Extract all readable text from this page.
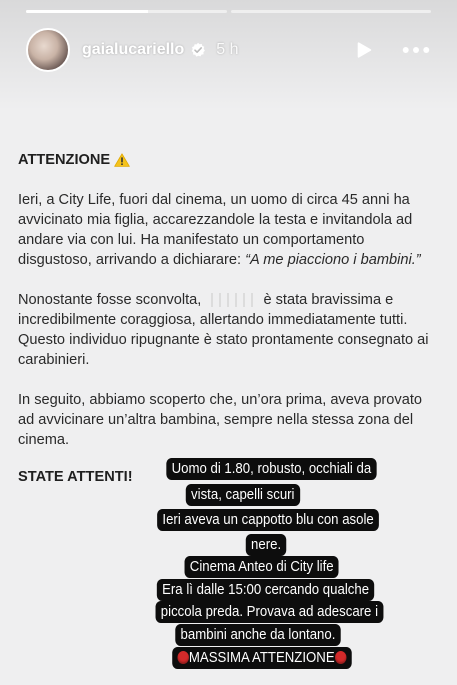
gaialucariello 5 h

ATTENZIONE

Ieri, a City Life, fuori dal cinema, un uomo di circa 45 anni ha avvicinato mia figlia, accarezzandole la testa e invitandola ad andare via con lui. Ha manifestato un comportamento disgustoso, arrivando a dichiarare: “A me piacciono i bambini.”

Nonostante fosse sconvolta,	è stata bravissima e incredibilmente coraggiosa, allertando immediatamente tutti. Questo individuo ripugnante è stato prontamente consegnato ai carabinieri.

In seguito, abbiamo scoperto che, un’ora prima, aveva provato ad avvicinare un’altra bambina, sempre nella stessa zona del cinema.

STATE ATTENTI!	Uomo di 1.80, robusto, occhiali da
vista, capelli scuri
Ieri aveva un cappotto blu con asole
nere.
Cinema Anteo di City life
Era lì dalle 15:00 cercando qualche
piccola preda. Provava ad adescare i
bambini anche da lontano.
MASSIMA ATTENZIONE
